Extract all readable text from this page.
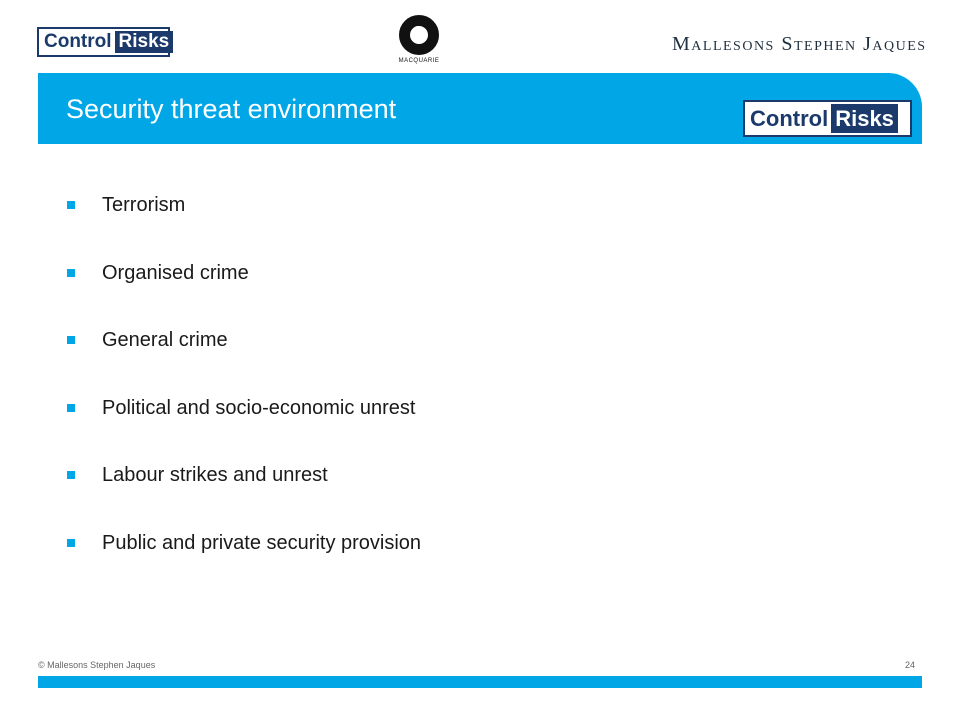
Control Risks
MACQUARIE
Mallesons Stephen Jaques
Security threat environment	Control Risks
Terrorism
Organised crime
General crime
Political and socio-economic unrest
Labour strikes and unrest
Public and private security provision
© Mallesons Stephen Jaques	24
